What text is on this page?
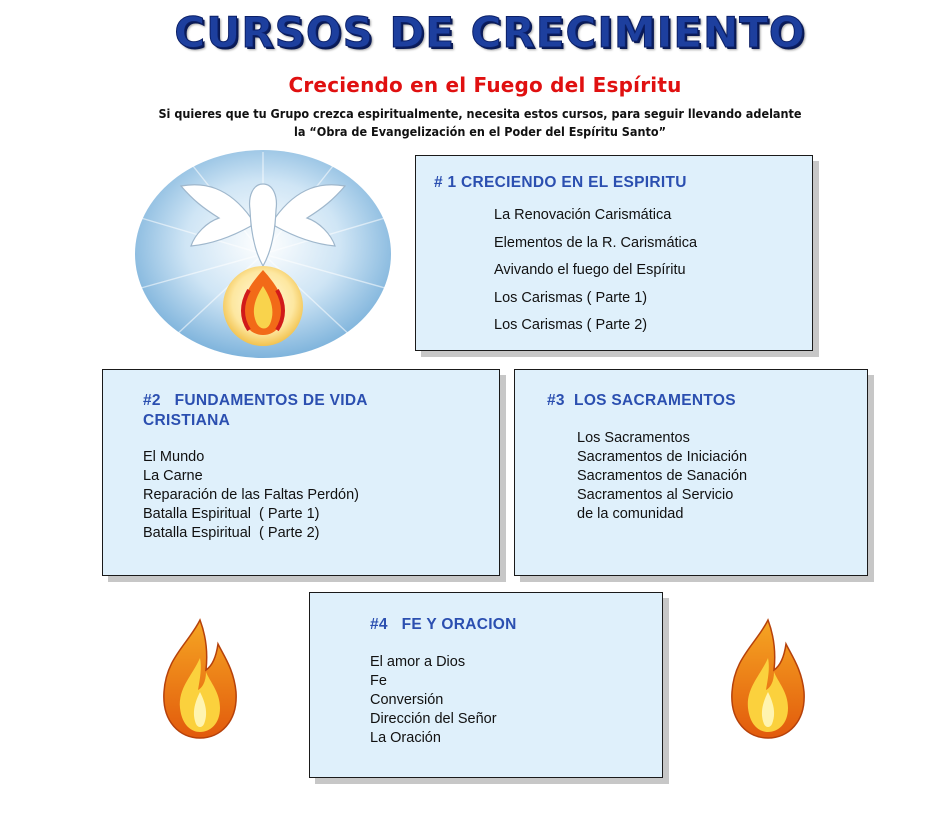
CURSOS DE CRECIMIENTO
Creciendo en el Fuego del Espíritu
Si quieres que tu Grupo crezca espiritualmente, necesita estos cursos, para seguir llevando adelante
la “Obra de Evangelización en el Poder del Espíritu Santo”
# 1 CRECIENDO EN EL ESPIRITU
La Renovación Carismática
Elementos de la R. Carismática
Avivando el fuego del Espíritu
Los Carismas ( Parte 1)
Los Carismas ( Parte 2)
#2   FUNDAMENTOS DE VIDA
CRISTIANA
El Mundo
La Carne
Reparación de las Faltas Perdón)
Batalla Espiritual  ( Parte 1)
Batalla Espiritual  ( Parte 2)
#3  LOS SACRAMENTOS
Los Sacramentos
Sacramentos de Iniciación
Sacramentos de Sanación
Sacramentos al Servicio
de la comunidad
#4   FE Y ORACION
El amor a Dios
Fe
Conversión
Dirección del Señor
La Oración
